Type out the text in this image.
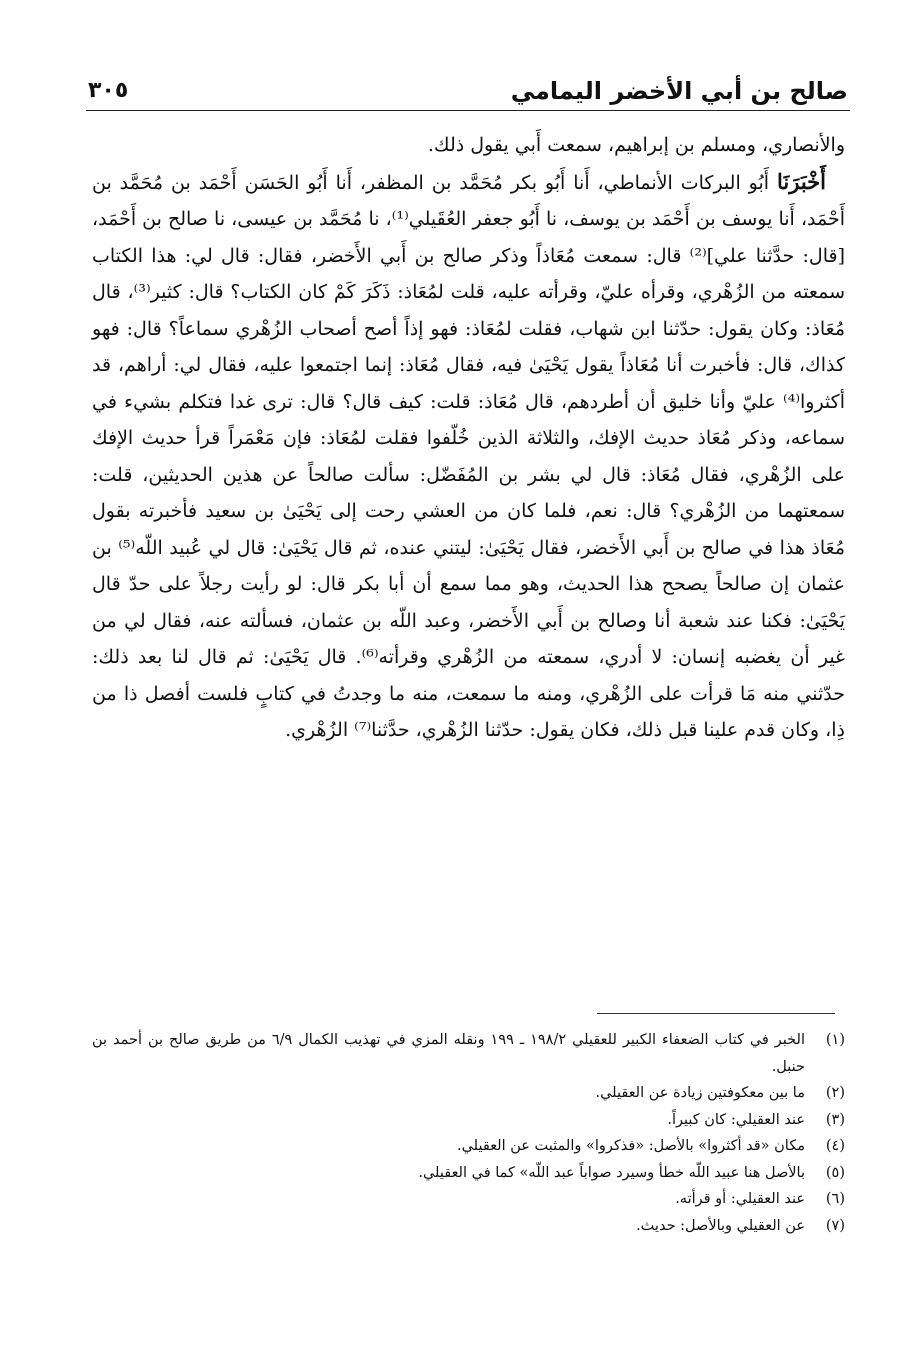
صالح بن أبي الأخضر اليمامي
٣٠٥

والأنصاري، ومسلم بن إبراهيم، سمعت أَبي يقول ذلك.

 أَخْبَرَنَا أَبُو البركات الأنماطي، أَنا أَبُو بكر مُحَمَّد بن المظفر، أَنا أَبُو الحَسَن أَحْمَد بن مُحَمَّد بن أَحْمَد، أَنا يوسف بن أَحْمَد بن يوسف، نا أَبُو جعفر العُقَيلي⁽¹⁾، نا مُحَمَّد بن عيسى، نا صالح بن أَحْمَد، [قال: حدَّثنا علي]⁽²⁾ قال: سمعت مُعَاذاً وذكر صالح بن أَبي الأَخضر، فقال: قال لي: هذا الكتاب سمعته من الزُهْري، وقرأه عليّ، وقرأته عليه، قلت لمُعَاذ: ذَكَرَ كَمْ كان الكتاب؟ قال: كثير⁽³⁾، قال مُعَاذ: وكان يقول: حدّثنا ابن شهاب، فقلت لمُعَاذ: فهو إذاً أصح أصحاب الزُهْري سماعاً؟ قال: فهو كذاك، قال: فأخبرت أنا مُعَاذاً يقول يَحْيَىٰ فيه، فقال مُعَاذ: إنما اجتمعوا عليه، فقال لي: أراهم، قد أكثروا⁽⁴⁾ عليّ وأنا خليق أن أطردهم، قال مُعَاذ: قلت: كيف قال؟ قال: ترى غدا فتكلم بشيء في سماعه، وذكر مُعَاذ حديث الإفك، والثلاثة الذين خُلّفوا فقلت لمُعَاذ: فإن مَعْمَراً قرأ حديث الإفك على الزُهْري، فقال مُعَاذ: قال لي بشر بن المُفَضّل: سألت صالحاً عن هذين الحديثين، قلت: سمعتهما من الزُهْري؟ قال: نعم، فلما كان من العشي رحت إلى يَحْيَىٰ بن سعيد فأخبرته بقول مُعَاذ هذا في صالح بن أَبي الأَخضر، فقال يَحْيَىٰ: ليتني عنده، ثم قال يَحْيَىٰ: قال لي عُبيد اللّه⁽⁵⁾ بن عثمان إن صالحاً يصحح هذا الحديث، وهو مما سمع أن أبا بكر قال: لو رأيت رجلاً على حدّ قال يَحْيَىٰ: فكنا عند شعبة أنا وصالح بن أَبي الأَخضر، وعبد اللّه بن عثمان، فسألته عنه، فقال لي من غير أن يغضبه إنسان: لا أدري، سمعته من الزُهْري وقرأته⁽⁶⁾. قال يَحْيَىٰ: ثم قال لنا بعد ذلك: حدّثني منه مَا قرأت على الزُهْري، ومنه ما سمعت، منه ما وجدتُ في كتابٍ فلست أفصل ذا من ذِا، وكان قدم علينا قبل ذلك، فكان يقول: حدّثنا الزُهْري، حدَّثنا⁽⁷⁾ الزُهْري.

(١)
الخبر في كتاب الضعفاء الكبير للعقيلي ١٩٨/٢ ـ ١٩٩ ونقله المزي في تهذيب الكمال ٦/٩ من طريق صالح بن أحمد بن حنبل.
(٢)
ما بين معكوفتين زيادة عن العقيلي.
(٣)
عند العقيلي: كان كبيراً.
(٤)
مكان «قد أكثروا» بالأصل: «فذكروا» والمثبت عن العقيلي.
(٥)
بالأصل هنا عبيد اللّه خطأ وسيرد صواباً عبد اللّه» كما في العقيلي.
(٦)
عند العقيلي: أو قرأته.
(٧)
عن العقيلي وبالأصل: حديث.
